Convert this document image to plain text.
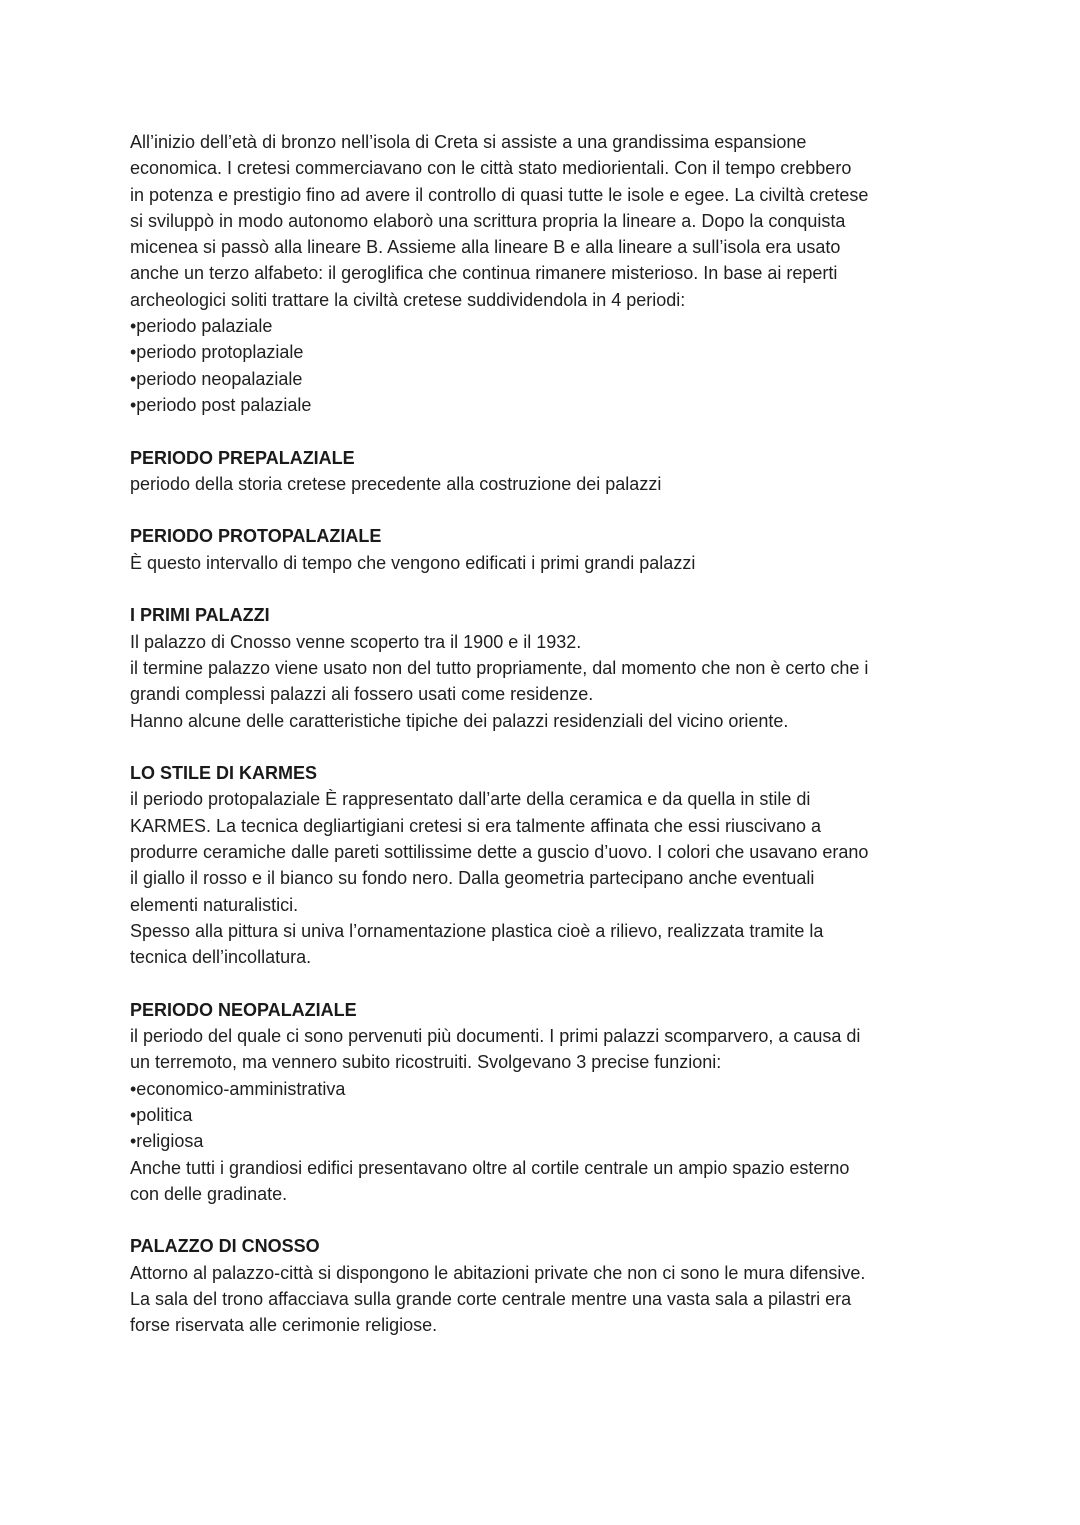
All’inizio dell’età di bronzo nell’isola di Creta si assiste a una grandissima espansione
economica. I cretesi commerciavano con le città stato mediorientali. Con il tempo crebbero
in potenza e prestigio fino ad avere il controllo di quasi tutte le isole e egee. La civiltà cretese
si sviluppò in modo autonomo elaborò una scrittura propria la lineare a. Dopo la conquista
micenea si passò alla lineare B. Assieme alla lineare B e alla lineare a sull’isola era usato
anche un terzo alfabeto: il geroglifica che continua rimanere misterioso. In base ai reperti
archeologici soliti trattare la civiltà cretese suddividendola in 4 periodi:

•periodo palaziale
•periodo protoplaziale
•periodo neopalaziale
•periodo post palaziale
PERIODO PREPALAZIALE

periodo della storia cretese precedente alla costruzione dei palazzi

PERIODO PROTOPALAZIALE

È questo intervallo di tempo che vengono edificati i primi grandi palazzi

I PRIMI PALAZZI

Il palazzo di Cnosso venne scoperto tra il 1900 e il 1932.
il termine palazzo viene usato non del tutto propriamente, dal momento che non è certo che i
grandi complessi palazzi ali fossero usati come residenze.
Hanno alcune delle caratteristiche tipiche dei palazzi residenziali del vicino oriente.

LO STILE DI KARMES

il periodo protopalaziale È rappresentato dall’arte della ceramica e da quella in stile di
KARMES. La tecnica degliartigiani cretesi si era talmente affinata che essi riuscivano a
produrre ceramiche dalle pareti sottilissime dette a guscio d’uovo. I colori che usavano erano
il giallo il rosso e il bianco su fondo nero. Dalla geometria partecipano anche eventuali
elementi naturalistici.
Spesso alla pittura si univa l’ornamentazione plastica cioè a rilievo, realizzata tramite la
tecnica dell’incollatura.

PERIODO NEOPALAZIALE

il periodo del quale ci sono pervenuti più documenti. I primi palazzi scomparvero, a causa di
un terremoto, ma vennero subito ricostruiti. Svolgevano 3 precise funzioni:

•economico-amministrativa
•politica
•religiosa

Anche tutti i grandiosi edifici presentavano oltre al cortile centrale un ampio spazio esterno
con delle gradinate.

PALAZZO DI CNOSSO

Attorno al palazzo-città si dispongono le abitazioni private che non ci sono le mura difensive.
La sala del trono affacciava sulla grande corte centrale mentre una vasta sala a pilastri era
forse riservata alle cerimonie religiose.
